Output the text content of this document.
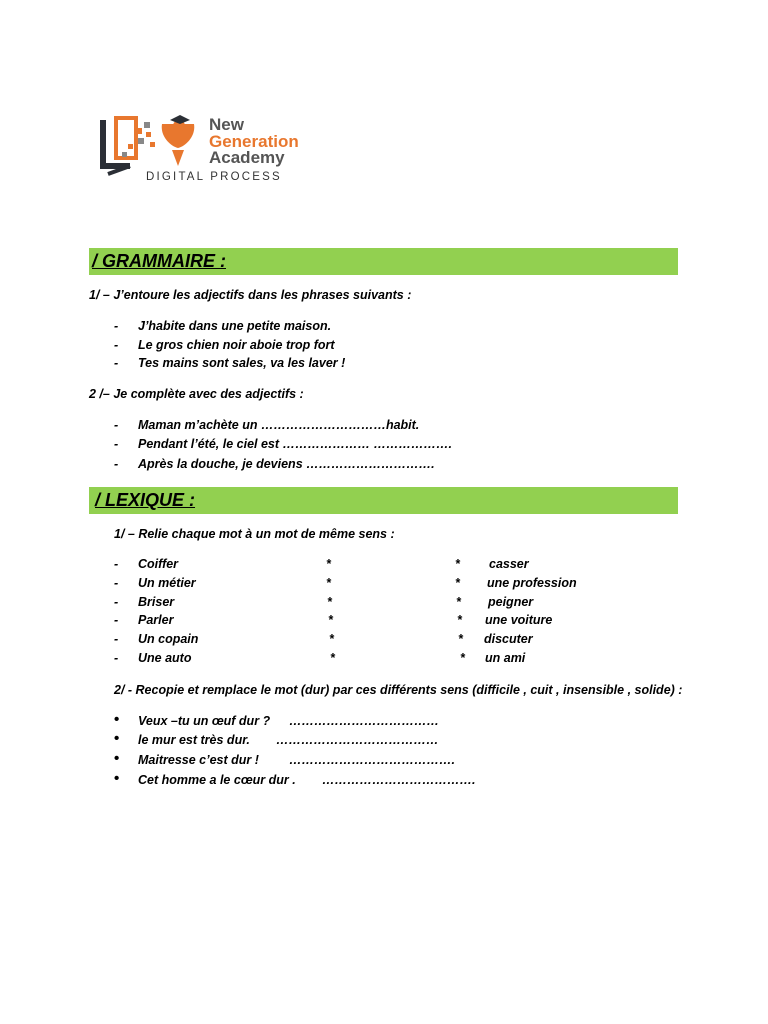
New
Generation
Academy
DIGITAL PROCESS
/ GRAMMAIRE :
1/ – J’entoure les adjectifs dans les phrases suivants :
- J’habite dans une petite maison.
- Le gros chien noir aboie trop fort
- Tes mains sont sales, va les laver !
2 /– Je complète avec des adjectifs :
- Maman m’achète un …………………………habit.
- Pendant l’été, le ciel est ………………… ……………….
- Après la douche, je deviens ………………………….
/ LEXIQUE :
1/ – Relie chaque mot à un mot de même sens :
- Coiffer	*	* casser
- Un métier	*	* une profession
- Briser	*	* peigner
- Parler	*	* une voiture
- Un copain	*	* discuter
- Une auto	*	* un ami
2/ - Recopie et remplace le mot (dur) par ces différents sens (difficile , cuit , insensible , solide) :
• Veux –tu un œuf dur ? ………………………………
• le mur est très dur. …………………………………
• Maitresse c’est dur ! ………………………………….
• Cet homme a le cœur dur . ……………………………….
